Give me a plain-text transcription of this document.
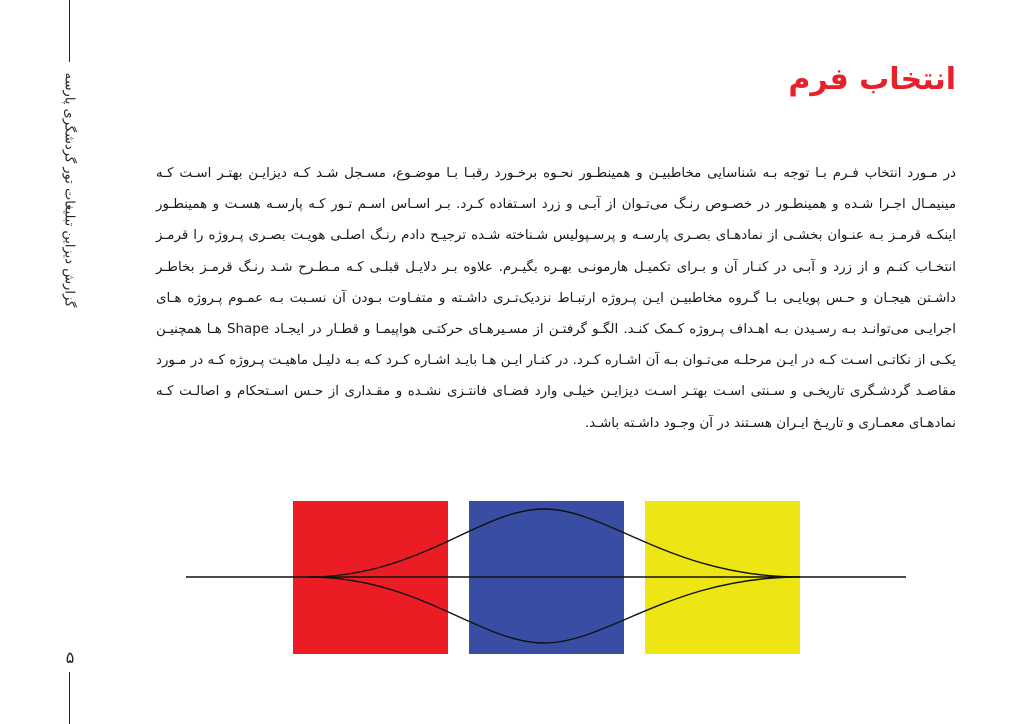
گزارش دیزاین تبلیغات تور گردشگری پارسه
۵
انتخاب فرم

در مـورد انتخاب فـرم بـا توجه بـه شناسایی مخاطبیـن و همینطـور نحـوه برخـورد رقبـا بـا موضـوع، مسـجل شـد کـه دیزایـن بهتـر اسـت کـه مینیمـال اجـرا شـده و همینطـور در خصـوص رنـگ می‌تـوان از آبـی و زرد اسـتفاده کـرد. بـر اسـاس اسـم تـور کـه پارسـه هسـت و همینطـور اینکـه قرمـز بـه عنـوان بخشـی از نمادهـای بصـری پارسـه و پرسـپولیس شـناخته شـده ترجیـح دادم رنـگ اصلـی هویـت بصـری پـروژه را قرمـز انتخـاب کنـم و از زرد و آبـی در کنـار آن و بـرای تکمیـل هارمونـی بهـره بگیـرم. علاوه بـر دلایـل قبلـی کـه مـطـرح شـد رنـگ قرمـز بخاطـر داشـتن هیجـان و حـس پویایـی بـا گـروه مخاطبیـن ایـن پـروژه ارتبـاط نزدیک‌تـری داشـته و متفـاوت بـودن آن نسـبت بـه عمـوم پـروژه هـای اجرایـی می‌توانـد بـه رسـیدن بـه اهـداف پـروژه کـمک کنـد. الگـو گرفتـن از مسـیرهـای حرکتـی هواپیمـا و قطـار در ایجـاد Shape هـا همچنیـن یکـی از نکاتـی اسـت کـه در ایـن مرحلـه می‌تـوان بـه آن اشـاره کـرد. در کنـار ایـن هـا بایـد اشـاره کـرد کـه بـه دلیـل ماهیـت پـروژه کـه در مـورد مقاصـد گردشـگری تاریخـی و سـنتی اسـت بهتـر اسـت دیزایـن خیلـی وارد فضـای فانتـزی نشـده و مقـداری از حـس اسـتحکام و اصالـت کـه نمادهـای معمـاری و تاریـخ ایـران هسـتند در آن وجـود داشـته باشـد.
